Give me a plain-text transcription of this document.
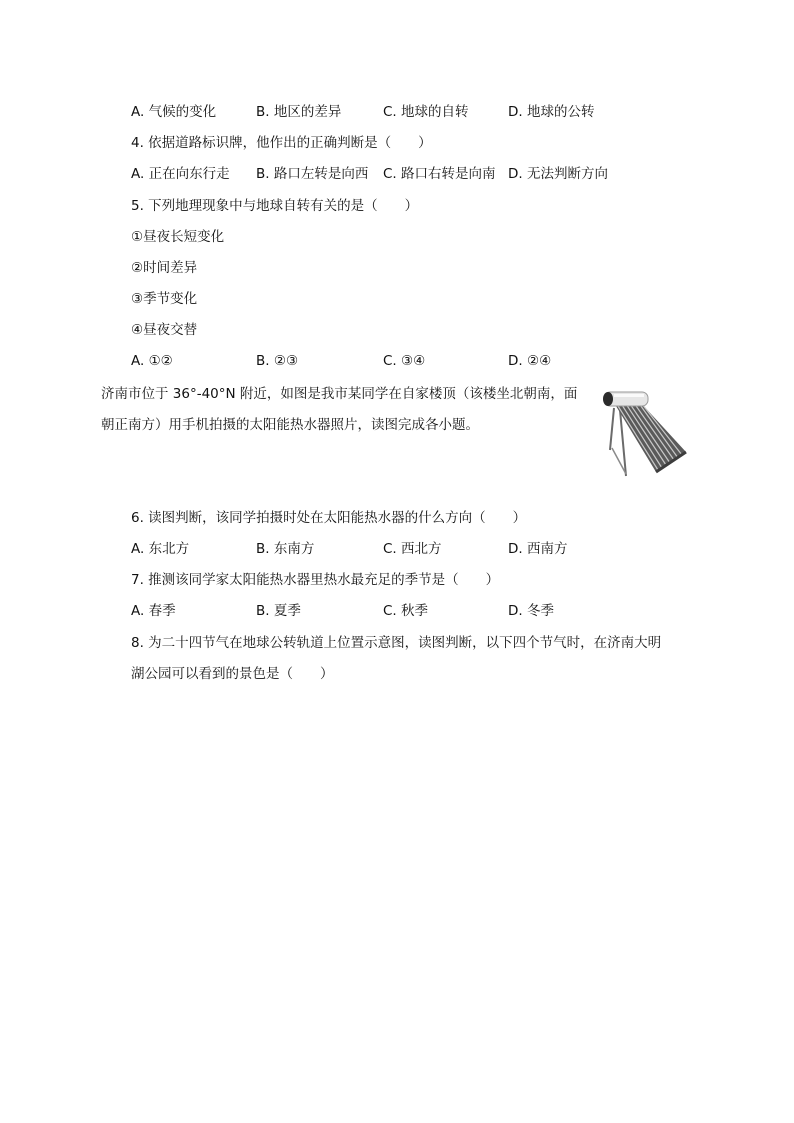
A. 气候的变化	B. 地区的差异	C. 地球的自转	D. 地球的公转
4. 依据道路标识牌，他作出的正确判断是（　　）
A. 正在向东行走 B. 路口左转是向西 C. 路口右转是向南 D. 无法判断方向
5. 下列地理现象中与地球自转有关的是（　　）
①昼夜长短变化
②时间差异
③季节变化
④昼夜交替
A. ①②	B. ②③	C. ③④	D. ②④
济南市位于 36°-40°N 附近，如图是我市某同学在自家楼顶（该楼坐北朝南，面
朝正南方）用手机拍摄的太阳能热水器照片，读图完成各小题。
6. 读图判断，该同学拍摄时处在太阳能热水器的什么方向（　　）
A. 东北方	B. 东南方	C. 西北方	D. 西南方
7. 推测该同学家太阳能热水器里热水最充足的季节是（　　）
A. 春季	B. 夏季	C. 秋季	D. 冬季
8. 为二十四节气在地球公转轨道上位置示意图，读图判断，以下四个节气时，在济南大明
湖公园可以看到的景色是（　　）
